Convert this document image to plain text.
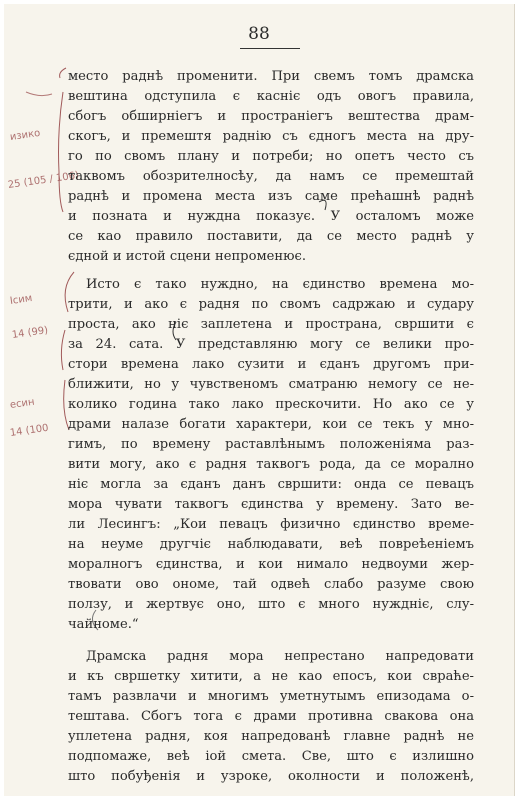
88
изико
25 (105 / 106)
Ісим
14 (99)
есин
14 (100
место раднѣ променити. При свемъ томъ драмска
вештина одступила є касніє одъ овогъ правила,
сбогъ обширніегъ и пространіегъ вештества драм-
скогъ, и премештя раднію съ єдногъ места на дру-
го по свомъ плану и потреби; но опетъ често съ
таквомъ обозрителносѣу, да намъ се премештай
раднѣ и промена места изъ саме прећашнѣ раднѣ
и позната и нуждна показує. У осталомъ може
се као правило поставити, да се место раднѣ у
єдной и истой сцени непроменює.
Исто є тако нуждно, на єдинство времена мо-
трити, и ако є радня по свомъ садржаю и судару
проста, ако ніє заплетена и пространа, свршити є
за 24. сата. У представляню могу се велики про-
стори времена лако сузити и єданъ другомъ при-
ближити, но у чувственомъ сматраню немогу се не-
колико година тако лако прескочити. Но ако се у
драми налазе богати характери, кои се текъ у мно-
гимъ, по времену раставлѣнымъ положеніяма раз-
вити могу, ако є радня таквогъ рода, да се морално
ніє могла за єданъ данъ свршити: онда се певацъ
мора чувати таквогъ єдинства у времену. Зато ве-
ли Лесингъ: „Кои певацъ физично єдинство време-
на неуме другчіє наблюдавати, веѣ повреѣеніемъ
моралногъ єдинства, и кои нимало недвоуми жер-
твовати ово ономе, тай одвећ слабо разуме свою
ползу, и жертвує оно, што є много нуждніє, слу-
чайноме.“
Драмска радня мора непрестано напредовати
и къ свршетку хитити, а не као епосъ, кои свраће-
тамъ развлачи и многимъ уметнутымъ епизодама о-
тештава. Сбогъ тога є драми противна свакова она
уплетена радня, коя напредованѣ главне раднѣ не
подпомаже, веѣ іой смета. Све, што є излишно
што побуђенія и узроке, околности и положенѣ,
